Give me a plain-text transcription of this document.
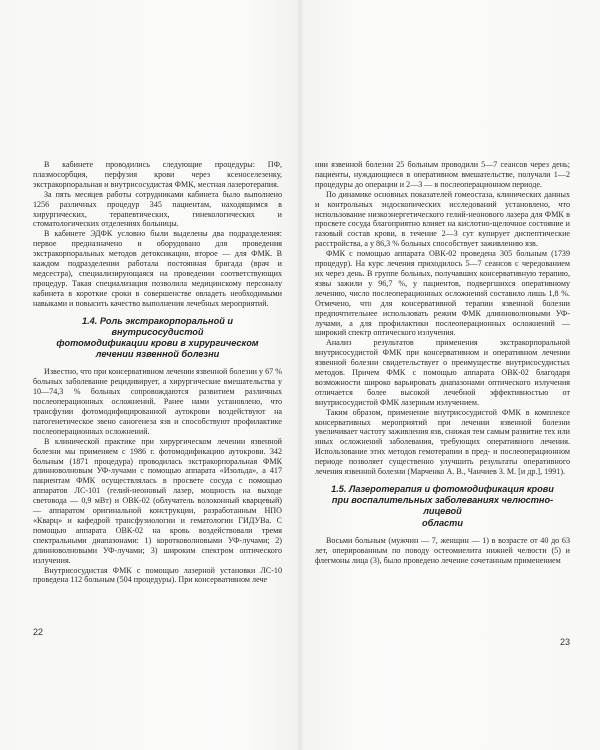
В кабинете проводились следующие процедуры: ПФ, плазмосорбция, перфузия крови через ксеноселезенку, экстракорпоральная и внутрисосудистая ФМК, местная лазеротерапия.

За пять месяцев работы сотрудниками кабинета было выполнено 1256 различных процедур 345 пациентам, находящимся в хирургических, терапевтических, гинекологических и стоматологических отделениях больницы.

В кабинете ЭДФК условно были выделены два подразделения: первое предназначено и оборудовано для проведения экстракорпоральных методов детоксикации, второе — для ФМК. В каждом подразделении работала постоянная бригада (врач и медсестра), специализирующаяся на проведении соответствующих процедур. Такая специализация позволила медицинскому персоналу кабинета в короткие сроки в совершенстве овладеть необходимыми навыками и повысить качество выполнения лечебных мероприятий.

1.4. Роль экстракорпоральной и внутрисосудистой
фотомодификации крови в хирургическом
лечении язвенной болезни

Известно, что при консервативном лечении язвенной болезни у 67 % больных заболевание рецидивирует, а хирургические вмешательства у 10—74,3 % больных сопровождаются развитием различных послеоперационных осложнений. Ранее нами установлено, что трансфузии фотомодифицированной аутокрови воздействуют на патогенетическое звено саногенеза язв и способствуют профилактике послеоперационных осложнений.

В клинической практике при хирургическом лечении язвенной болезни мы применяем с 1986 г. фотомодификацию аутокрови. 342 больным (1871 процедура) проводилась экстракорпоральная ФМК длинноволновым УФ-лучами с помощью аппарата «Изольда», а 417 пациентам ФМК осуществлялась в просвете сосуда с помощью аппаратов ЛС-101 (гелий-неоновый лазер, мощность на выходе световода — 0,9 мВт) и ОВК-02 (облучатель волоконный кварцевый) — аппаратом оригинальной конструкции, разработанным НПО «Кварц» и кафедрой трансфузиологии и гематологии ГИДУВа. С помощью аппарата ОВК-02 на кровь воздействовали тремя спектральными диапазонами: 1) коротковолновыми УФ-лучами; 2) длинноволновыми УФ-лучами; 3) широким спектром оптического излучения.

Внутрисосудистая ФМК с помощью лазерной установки ЛС-10 проведена 112 больным (504 процедуры). При консервативном лече

22

нии язвенной болезни 25 больным проводили 5—7 сеансов через день; пациенты, нуждающиеся в оперативном вмешательстве, получали 1—2 процедуры до операции и 2—3 — в послеоперационном периоде.

По динамике основных показателей гомеостаза, клинических данных и контрольных эндоскопических исследований установлено, что использование низкоэнергетического гелий-неонового лазера для ФМК в просвете сосуда благоприятно влияет на кислотно-щелочное состояние и газовый состав крови, в течение 2—3 сут купирует диспептические расстройства, а у 86,3 % больных способствует заживлению язв.

ФМК с помощью аппарата ОВК-02 проведена 305 больным (1739 процедур). На курс лечения приходилось 5—7 сеансов с чередованием их через день. В группе больных, получавших консервативную терапию, язвы зажили у 96,7 %, у пациентов, подвергшихся оперативному лечению, число послеоперационных осложнений составило лишь 1,8 %. Отмечено, что для консервативной терапии язвенной болезни предпочтительнее использовать режим ФМК длинноволновыми УФ-лучами, а для профилактики послеоперационных осложнений — широкий спектр оптического излучения.

Анализ результатов применения экстракорпоральной внутрисосудистой ФМК при консервативном и оперативном лечении язвенной болезни свидетельствует о преимуществе внутрисосудистых методов. Причем ФМК с помощью аппарата ОВК-02 благодаря возможности широко варьировать диапазонами оптического излучения отличается более высокой лечебной эффективностью от внутрисосудистой ФМК лазерным излучением.

Таким образом, применение внутрисосудистой ФМК в комплексе консервативных мероприятий при лечении язвенной болезни увеличивает частоту заживления язв, снижая тем самым развитие тех или иных осложнений заболевания, требующих оперативного лечения. Использование этих методов гемотерапии в пред- и послеоперационном периоде позволяет существенно улучшить результаты оперативного лечения язвенной болезни (Марченко А. В., Чанчиев З. М. [и др.], 1991).

1.5. Лазеротерапия и фотомодификация крови
при воспалительных заболеваниях челюстно-лицевой
области

Восьми больным (мужчин — 7, женщин — 1) в возрасте от 40 до 63 лет, оперированным по поводу остеомиелита нижней челюсти (5) и флегмоны лица (3), было проведено лечение сочетанным применением

23
